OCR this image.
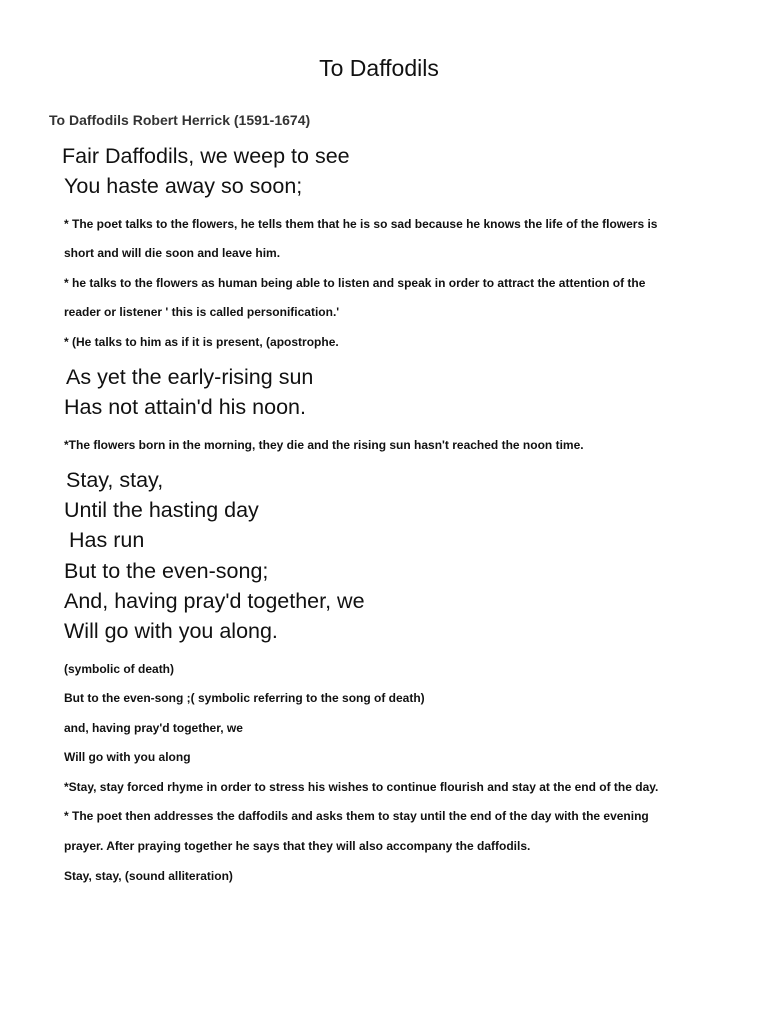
To Daffodils
To Daffodils Robert Herrick (1591-1674)
Fair Daffodils, we weep to see
You haste away so soon;
* The poet talks to the flowers, he tells them that he is so sad because he knows the life of the flowers is
short and will die soon and leave him.
* he talks to the flowers as human being able to listen and speak in order to attract the attention of the
reader or listener ' this is called personification.'
* (He talks to him as if it is present, (apostrophe.
As yet the early-rising sun
Has not attain'd his noon.
*The flowers born in the morning, they die and the rising sun hasn't reached the noon time.
Stay, stay,
Until the hasting day
Has run
But to the even-song;
And, having pray'd together, we
Will go with you along.
(symbolic of death)
But to the even-song ;( symbolic referring to the song of death)
and, having pray'd together, we
Will go with you along
*Stay, stay forced rhyme in order to stress his wishes to continue flourish and stay at the end of the day.
* The poet then addresses the daffodils and asks them to stay until the end of the day with the evening
prayer. After praying together he says that they will also accompany the daffodils.
Stay, stay, (sound alliteration)
